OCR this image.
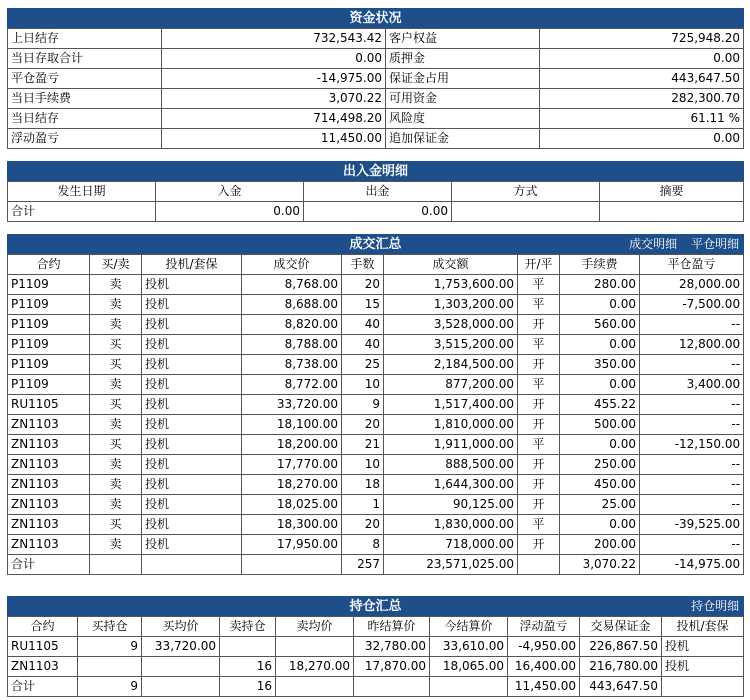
资金状况			
上日结存	732,543.42	客户权益	725,948.20
当日存取合计	0.00	质押金	0.00
平仓盈亏	-14,975.00	保证金占用	443,647.50
当日手续费	3,070.22	可用资金	282,300.70
当日结存	714,498.20	风险度	61.11 %
浮动盈亏	11,450.00	追加保证金	0.00
出入金明细				
发生日期	入金	出金	方式	摘要
合计	0.00	0.00		
成交汇总 成交明细 平仓明细								

合约	买/卖	投机/套保	成交价	手数	成交额	开/平	手续费	平仓盈亏
P1109	卖	投机	8,768.00	20	1,753,600.00	平	280.00	28,000.00
P1109	卖	投机	8,688.00	15	1,303,200.00	平	0.00	-7,500.00
P1109	卖	投机	8,820.00	40	3,528,000.00	开	560.00	--
P1109	买	投机	8,788.00	40	3,515,200.00	平	0.00	12,800.00
P1109	买	投机	8,738.00	25	2,184,500.00	开	350.00	--
P1109	卖	投机	8,772.00	10	877,200.00	平	0.00	3,400.00
RU1105	买	投机	33,720.00	9	1,517,400.00	开	455.22	--
ZN1103	卖	投机	18,100.00	20	1,810,000.00	开	500.00	--
ZN1103	买	投机	18,200.00	21	1,911,000.00	平	0.00	-12,150.00
ZN1103	卖	投机	17,770.00	10	888,500.00	开	250.00	--
ZN1103	卖	投机	18,270.00	18	1,644,300.00	开	450.00	--
ZN1103	卖	投机	18,025.00	1	90,125.00	开	25.00	--
ZN1103	买	投机	18,300.00	20	1,830,000.00	平	0.00	-39,525.00
ZN1103	卖	投机	17,950.00	8	718,000.00	开	200.00	--
合计				257	23,571,025.00		3,070.22	-14,975.00
持仓汇总 持仓明细									

合约	买持仓	买均价	卖持仓	卖均价	昨结算价	今结算价	浮动盈亏	交易保证金	投机/套保
RU1105	9	33,720.00			32,780.00	33,610.00	-4,950.00	226,867.50	投机
ZN1103			16	18,270.00	17,870.00	18,065.00	16,400.00	216,780.00	投机
合计	9		16				11,450.00	443,647.50	
